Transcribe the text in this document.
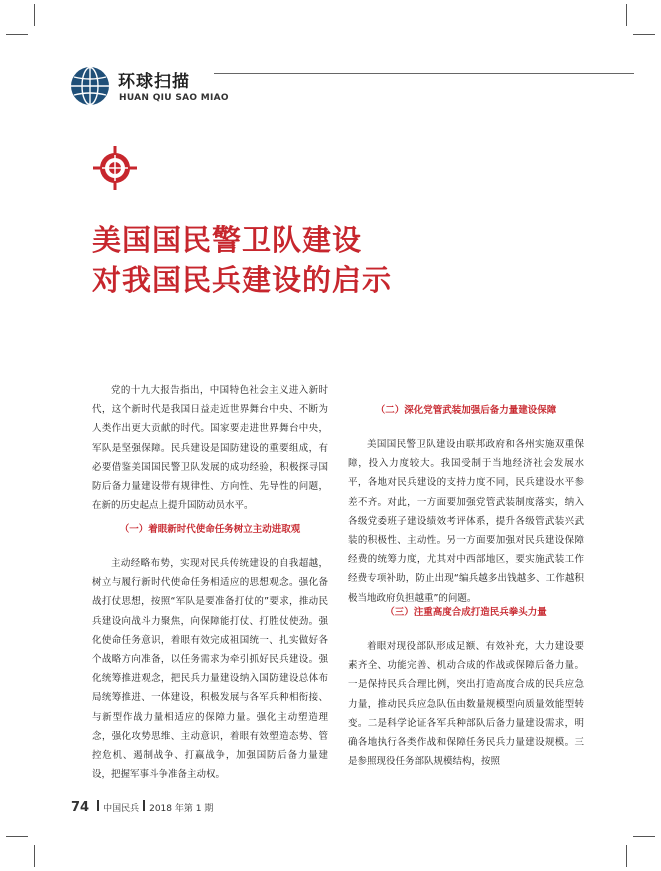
环球扫描
HUAN QIU SAO MIAO
美国国民警卫队建设
对我国民兵建设的启示

党的十九大报告指出，中国特色社会主义进入新时代，这个新时代是我国日益走近世界舞台中央、不断为人类作出更大贡献的时代。国家要走进世界舞台中央，军队是坚强保障。民兵建设是国防建设的重要组成，有必要借鉴美国国民警卫队发展的成功经验，积极探寻国防后备力量建设带有规律性、方向性、先导性的问题，在新的历史起点上提升国防动员水平。

（一）着眼新时代使命任务树立主动进取观

主动经略布势，实现对民兵传统建设的自我超越，树立与履行新时代使命任务相适应的思想观念。强化备战打仗思想，按照“军队是要准备打仗的”要求，推动民兵建设向战斗力聚焦，向保障能打仗、打胜仗使劲。强化使命任务意识，着眼有效完成祖国统一、扎实做好各个战略方向准备，以任务需求为牵引抓好民兵建设。强化统筹推进观念，把民兵力量建设纳入国防建设总体布局统筹推进、一体建设，积极发展与各军兵种相衔接、与新型作战力量相适应的保障力量。强化主动塑造理念，强化攻势思维、主动意识，着眼有效塑造态势、管控危机、遏制战争、打赢战争，加强国防后备力量建设，把握军事斗争准备主动权。

（二）深化党管武装加强后备力量建设保障

美国国民警卫队建设由联邦政府和各州实施双重保障，投入力度较大。我国受制于当地经济社会发展水平，各地对民兵建设的支持力度不同，民兵建设水平参差不齐。对此，一方面要加强党管武装制度落实，纳入各级党委班子建设绩效考评体系，提升各级管武装兴武装的积极性、主动性。另一方面要加强对民兵建设保障经费的统筹力度，尤其对中西部地区，要实施武装工作经费专项补助，防止出现“编兵越多出钱越多、工作越积极当地政府负担越重”的问题。

（三）注重高度合成打造民兵拳头力量

着眼对现役部队形成足额、有效补充，大力建设要素齐全、功能完善、机动合成的作战或保障后备力量。一是保持民兵合理比例，突出打造高度合成的民兵应急力量，推动民兵应急队伍由数量规模型向质量效能型转变。二是科学论证各军兵种部队后备力量建设需求，明确各地执行各类作战和保障任务民兵力量建设规模。三是参照现役任务部队规模结构，按照

74 中国民兵 2018 年第 1 期
